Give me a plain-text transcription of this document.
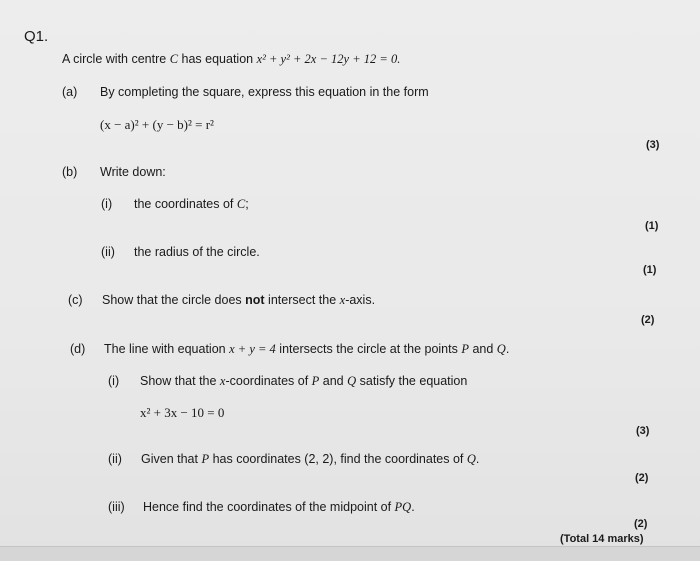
Q1.
A circle with centre C has equation x² + y² + 2x − 12y + 12 = 0.
(a) By completing the square, express this equation in the form
(x − a)² + (y − b)² = r²
(3)
(b) Write down:
(i) the coordinates of C;
(1)
(ii) the radius of the circle.
(1)
(c) Show that the circle does not intersect the x-axis.
(2)
(d) The line with equation x + y = 4 intersects the circle at the points P and Q.
(i) Show that the x-coordinates of P and Q satisfy the equation
x² + 3x − 10 = 0
(3)
(ii) Given that P has coordinates (2, 2), find the coordinates of Q.
(2)
(iii) Hence find the coordinates of the midpoint of PQ.
(2)
(Total 14 marks)
